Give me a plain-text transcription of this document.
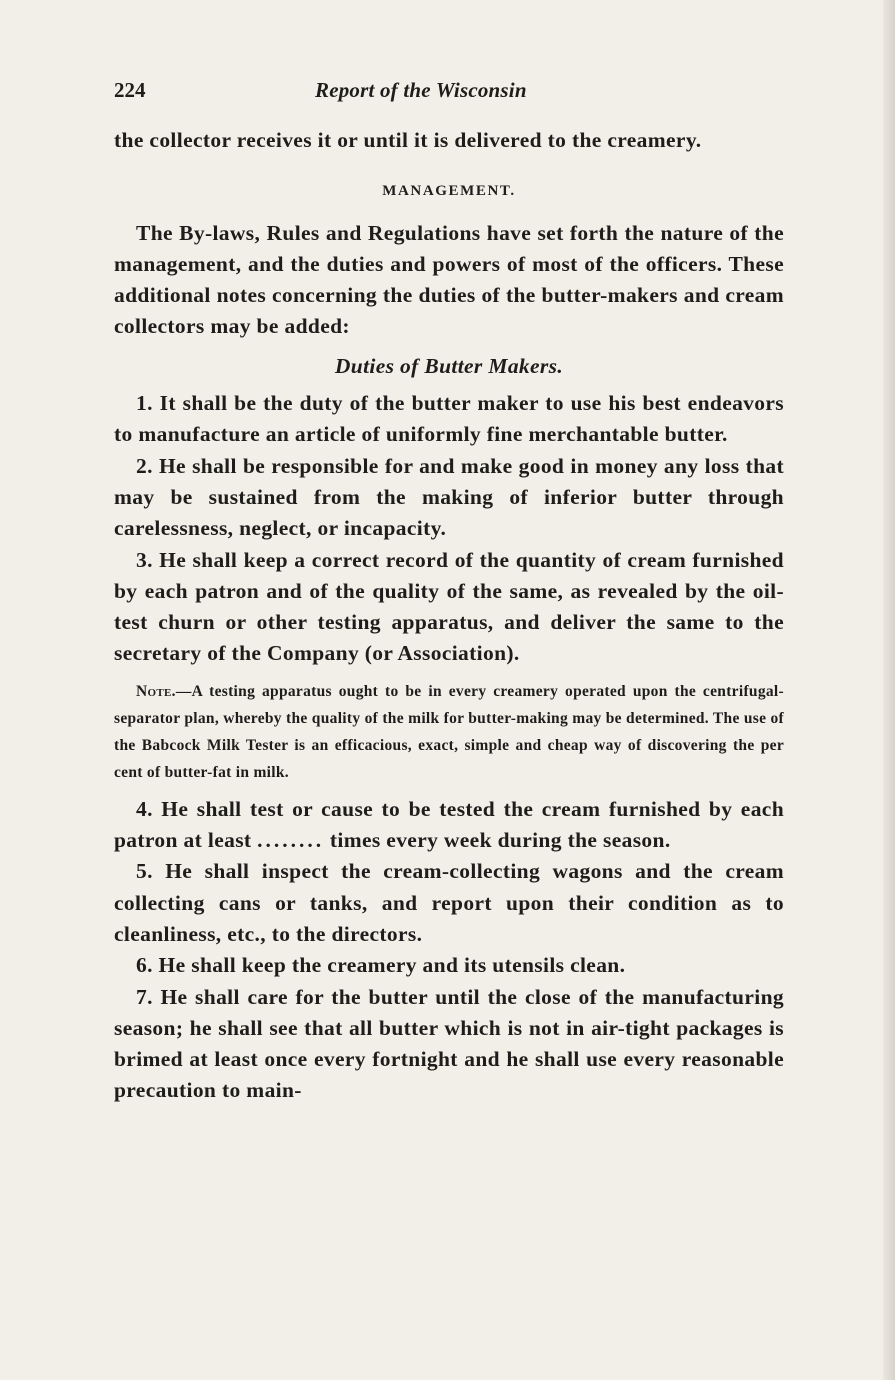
224	Report of the Wisconsin

the collector receives it or until it is delivered to the creamery.

MANAGEMENT.

The By-laws, Rules and Regulations have set forth the nature of the management, and the duties and powers of most of the officers. These additional notes concerning the duties of the butter-makers and cream collectors may be added:

Duties of Butter Makers.

1. It shall be the duty of the butter maker to use his best endeavors to manufacture an article of uniformly fine merchantable butter.

2. He shall be responsible for and make good in money any loss that may be sustained from the making of inferior butter through carelessness, neglect, or incapacity.

3. He shall keep a correct record of the quantity of cream furnished by each patron and of the quality of the same, as revealed by the oil-test churn or other testing apparatus, and deliver the same to the secretary of the Company (or Association).

Note.—A testing apparatus ought to be in every creamery operated upon the centrifugal-separator plan, whereby the quality of the milk for butter-making may be determined. The use of the Babcock Milk Tester is an efficacious, exact, simple and cheap way of discovering the per cent of butter-fat in milk.

4. He shall test or cause to be tested the cream furnished by each patron at least ........ times every week during the season.

5. He shall inspect the cream-collecting wagons and the cream collecting cans or tanks, and report upon their condition as to cleanliness, etc., to the directors.

6. He shall keep the creamery and its utensils clean.

7. He shall care for the butter until the close of the manufacturing season; he shall see that all butter which is not in air-tight packages is brimed at least once every fortnight and he shall use every reasonable precaution to main-
